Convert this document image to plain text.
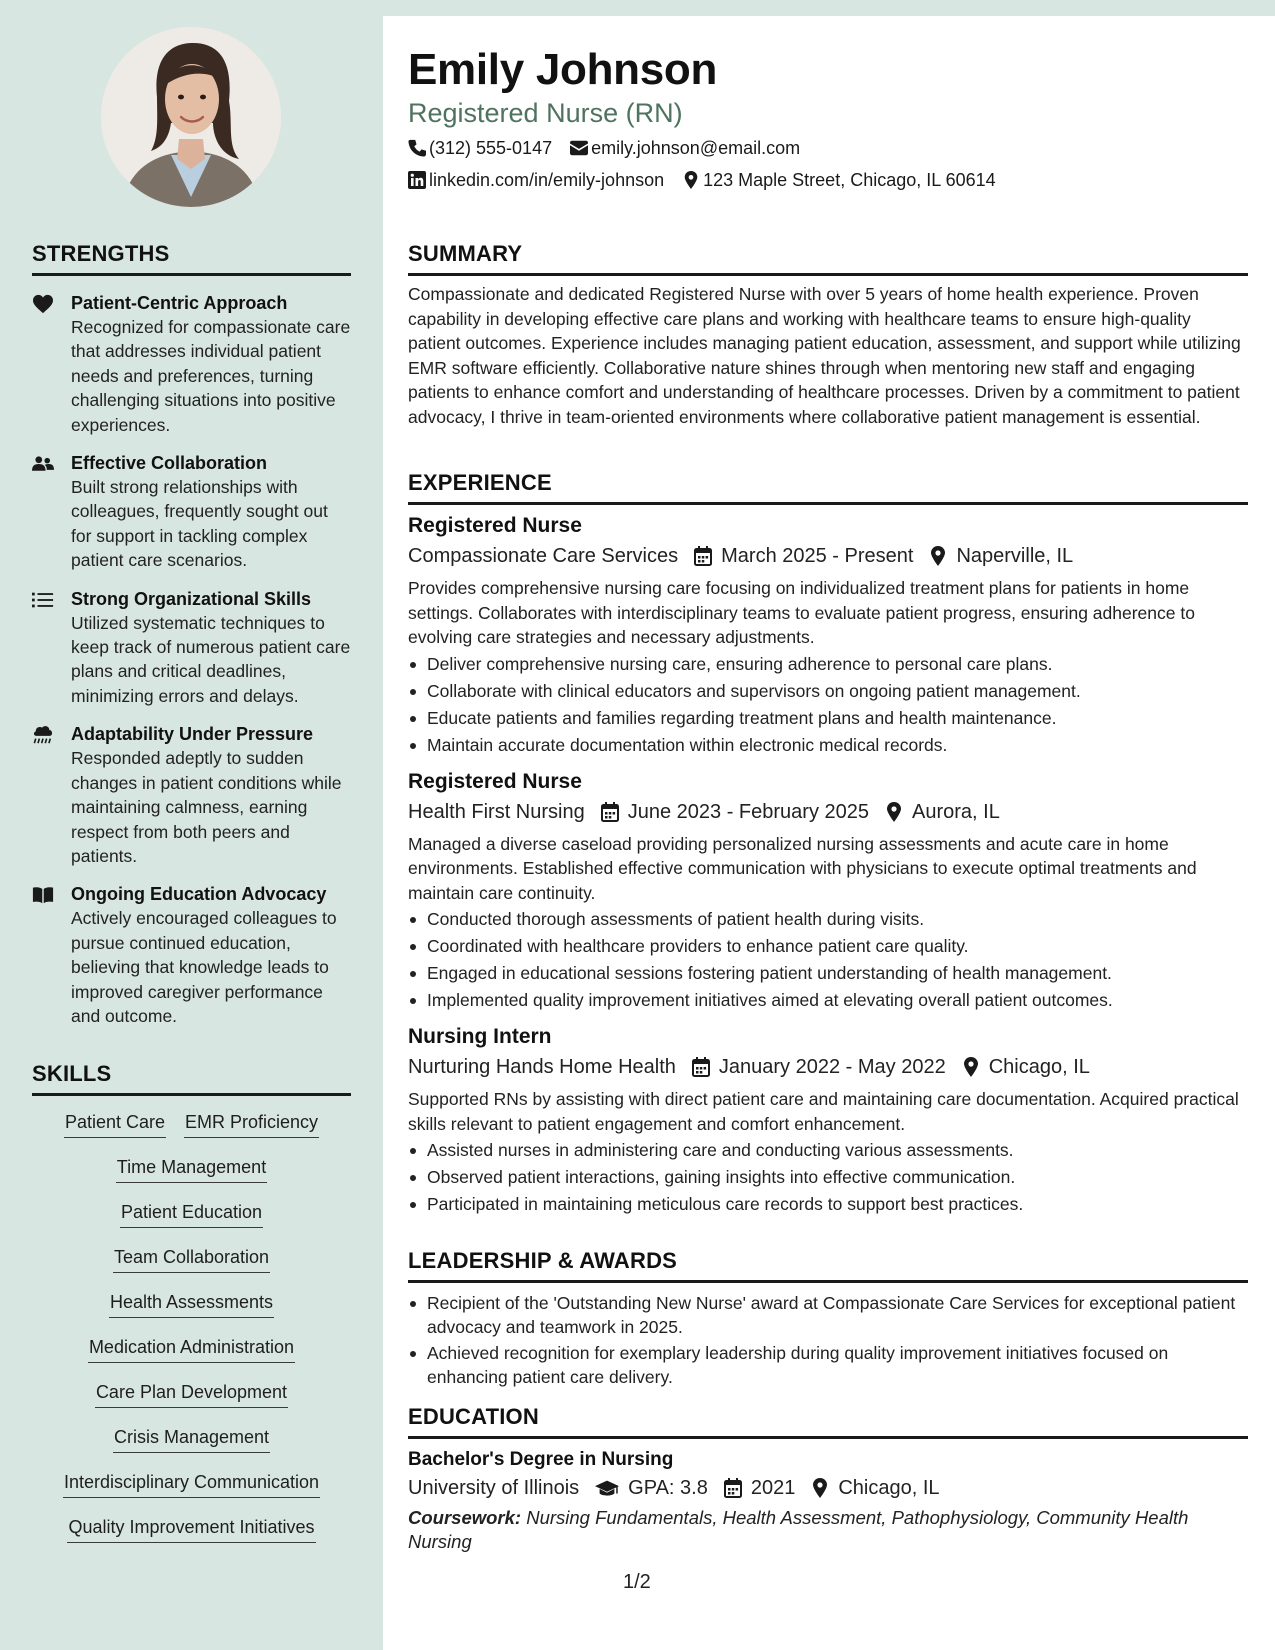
STRENGTHS
Patient-Centric Approach
Recognized for compassionate care that addresses individual patient needs and preferences, turning challenging situations into positive experiences.
Effective Collaboration
Built strong relationships with colleagues, frequently sought out for support in tackling complex patient care scenarios.
Strong Organizational Skills
Utilized systematic techniques to keep track of numerous patient care plans and critical deadlines, minimizing errors and delays.
Adaptability Under Pressure
Responded adeptly to sudden changes in patient conditions while maintaining calmness, earning respect from both peers and patients.
Ongoing Education Advocacy
Actively encouraged colleagues to pursue continued education, believing that knowledge leads to improved caregiver performance and outcome.
SKILLS
Patient Care EMR Proficiency
Time Management
Patient Education
Team Collaboration
Health Assessments
Medication Administration
Care Plan Development
Crisis Management
Interdisciplinary Communication
Quality Improvement Initiatives
Emily Johnson
Registered Nurse (RN)
(312) 555-0147 emily.johnson@email.com
linkedin.com/in/emily-johnson 123 Maple Street, Chicago, IL 60614
SUMMARY

Compassionate and dedicated Registered Nurse with over 5 years of home health experience. Proven capability in developing effective care plans and working with healthcare teams to ensure high-quality patient outcomes. Experience includes managing patient education, assessment, and support while utilizing EMR software efficiently. Collaborative nature shines through when mentoring new staff and engaging patients to enhance comfort and understanding of healthcare processes. Driven by a commitment to patient advocacy, I thrive in team-oriented environments where collaborative patient management is essential.

EXPERIENCE
Registered Nurse
Compassionate Care Services March 2025 - Present Naperville, IL

Provides comprehensive nursing care focusing on individualized treatment plans for patients in home settings. Collaborates with interdisciplinary teams to evaluate patient progress, ensuring adherence to evolving care strategies and necessary adjustments.

Deliver comprehensive nursing care, ensuring adherence to personal care plans.
Collaborate with clinical educators and supervisors on ongoing patient management.
Educate patients and families regarding treatment plans and health maintenance.
Maintain accurate documentation within electronic medical records.
Registered Nurse
Health First Nursing June 2023 - February 2025 Aurora, IL

Managed a diverse caseload providing personalized nursing assessments and acute care in home environments. Established effective communication with physicians to execute optimal treatments and maintain care continuity.

Conducted thorough assessments of patient health during visits.
Coordinated with healthcare providers to enhance patient care quality.
Engaged in educational sessions fostering patient understanding of health management.
Implemented quality improvement initiatives aimed at elevating overall patient outcomes.
Nursing Intern
Nurturing Hands Home Health January 2022 - May 2022 Chicago, IL

Supported RNs by assisting with direct patient care and maintaining care documentation. Acquired practical skills relevant to patient engagement and comfort enhancement.

Assisted nurses in administering care and conducting various assessments.
Observed patient interactions, gaining insights into effective communication.
Participated in maintaining meticulous care records to support best practices.
LEADERSHIP & AWARDS
Recipient of the 'Outstanding New Nurse' award at Compassionate Care Services for exceptional patient advocacy and teamwork in 2025.
Achieved recognition for exemplary leadership during quality improvement initiatives focused on enhancing patient care delivery.
EDUCATION
Bachelor's Degree in Nursing
University of Illinois GPA: 3.8 2021 Chicago, IL

Coursework: Nursing Fundamentals, Health Assessment, Pathophysiology, Community Health Nursing

1/2
